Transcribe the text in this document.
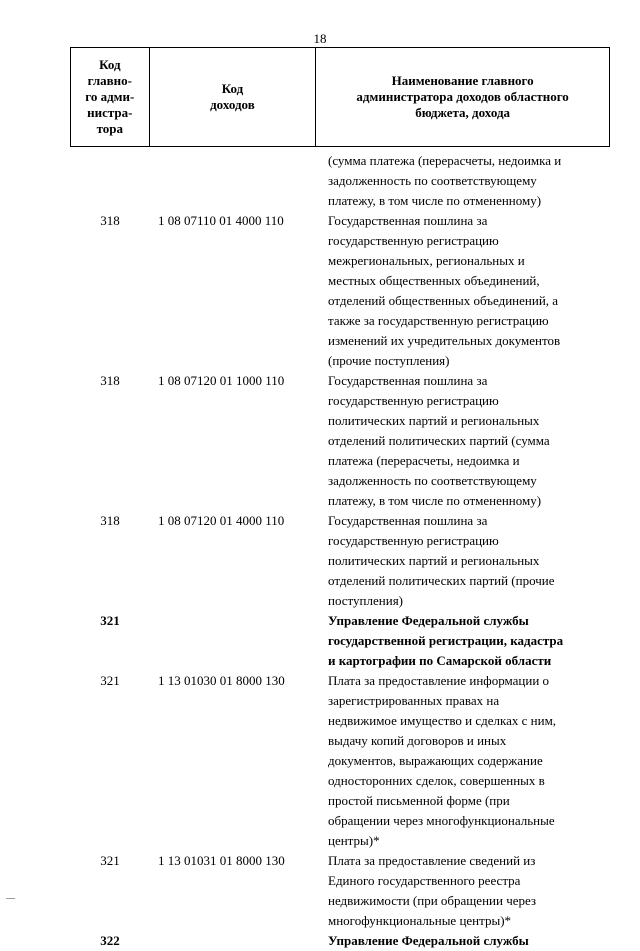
18
Код
главно-
го адми-
нистра-
тора	Код
доходов	Наименование главного
администратора доходов областного
бюджета, дохода
(сумма платежа (перерасчеты, недоимка и
задолженность по соответствующему
платежу, в том числе по отмененному)
318	1 08 07110 01 4000 110	Государственная пошлина за
государственную регистрацию
межрегиональных, региональных и
местных общественных объединений,
отделений общественных объединений, а
также за государственную регистрацию
изменений их учредительных документов
(прочие поступления)
318	1 08 07120 01 1000 110	Государственная пошлина за
государственную регистрацию
политических партий и региональных
отделений политических партий (сумма
платежа (перерасчеты, недоимка и
задолженность по соответствующему
платежу, в том числе по отмененному)
318	1 08 07120 01 4000 110	Государственная пошлина за
государственную регистрацию
политических партий и региональных
отделений политических партий (прочие
поступления)
321	Управление Федеральной службы
государственной регистрации, кадастра
и картографии по Самарской области
321	1 13 01030 01 8000 130	Плата за предоставление информации о
зарегистрированных правах на
недвижимое имущество и сделках с ним,
выдачу копий договоров и иных
документов, выражающих содержание
односторонних сделок, совершенных в
простой письменной форме (при
обращении через многофункциональные
центры)*
321	1 13 01031 01 8000 130	Плата за предоставление сведений из
Единого государственного реестра
недвижимости (при обращении через
многофункциональные центры)*
322	Управление Федеральной службы
—
